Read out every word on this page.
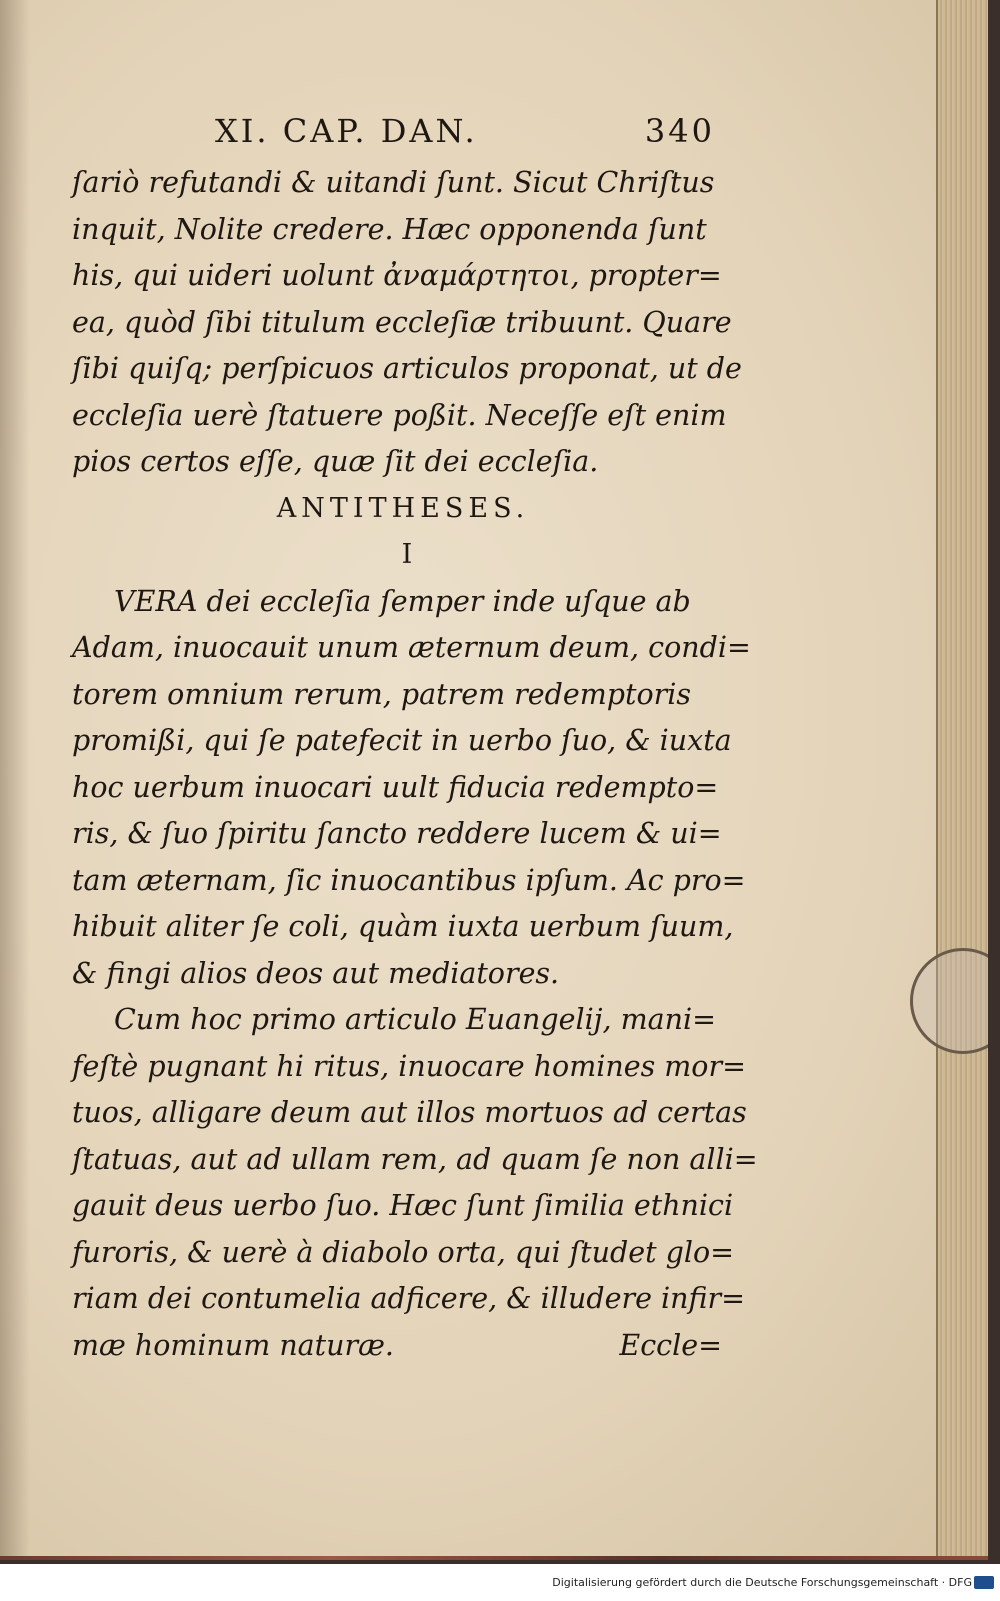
XI. CAP. DAN.	340
ſariò refutandi & uitandi ſunt. Sicut Chriſtus
inquit, Nolite credere. Hæc opponenda ſunt
his, qui uideri uolunt ἀναμάρτητοι, propter=
ea, quòd ſibi titulum eccleſiæ tribuunt. Quare
ſibi quiſq; perſpicuos articulos proponat, ut de
eccleſia uerè ſtatuere poßit. Neceſſe eſt enim
pios certos eſſe, quæ ſit dei eccleſia.
ANTITHESES.
I
VERA dei eccleſia ſemper inde uſque ab
Adam, inuocauit unum æternum deum, condi=
torem omnium rerum, patrem redemptoris
promißi, qui ſe patefecit in uerbo ſuo, & iuxta
hoc uerbum inuocari uult fiducia redempto=
ris, & ſuo ſpiritu ſancto reddere lucem & ui=
tam æternam, ſic inuocantibus ipſum. Ac pro=
hibuit aliter ſe coli, quàm iuxta uerbum ſuum,
& fingi alios deos aut mediatores.
Cum hoc primo articulo Euangelij, mani=
feſtè pugnant hi ritus, inuocare homines mor=
tuos, alligare deum aut illos mortuos ad certas
ſtatuas, aut ad ullam rem, ad quam ſe non alli=
gauit deus uerbo ſuo. Hæc ſunt ſimilia ethnici
furoris, & uerè à diabolo orta, qui ſtudet glo=
riam dei contumelia adficere, & illudere infir=
mæ hominum naturæ.	Eccle=
Digitalisierung gefördert durch die Deutsche Forschungsgemeinschaft · DFG
